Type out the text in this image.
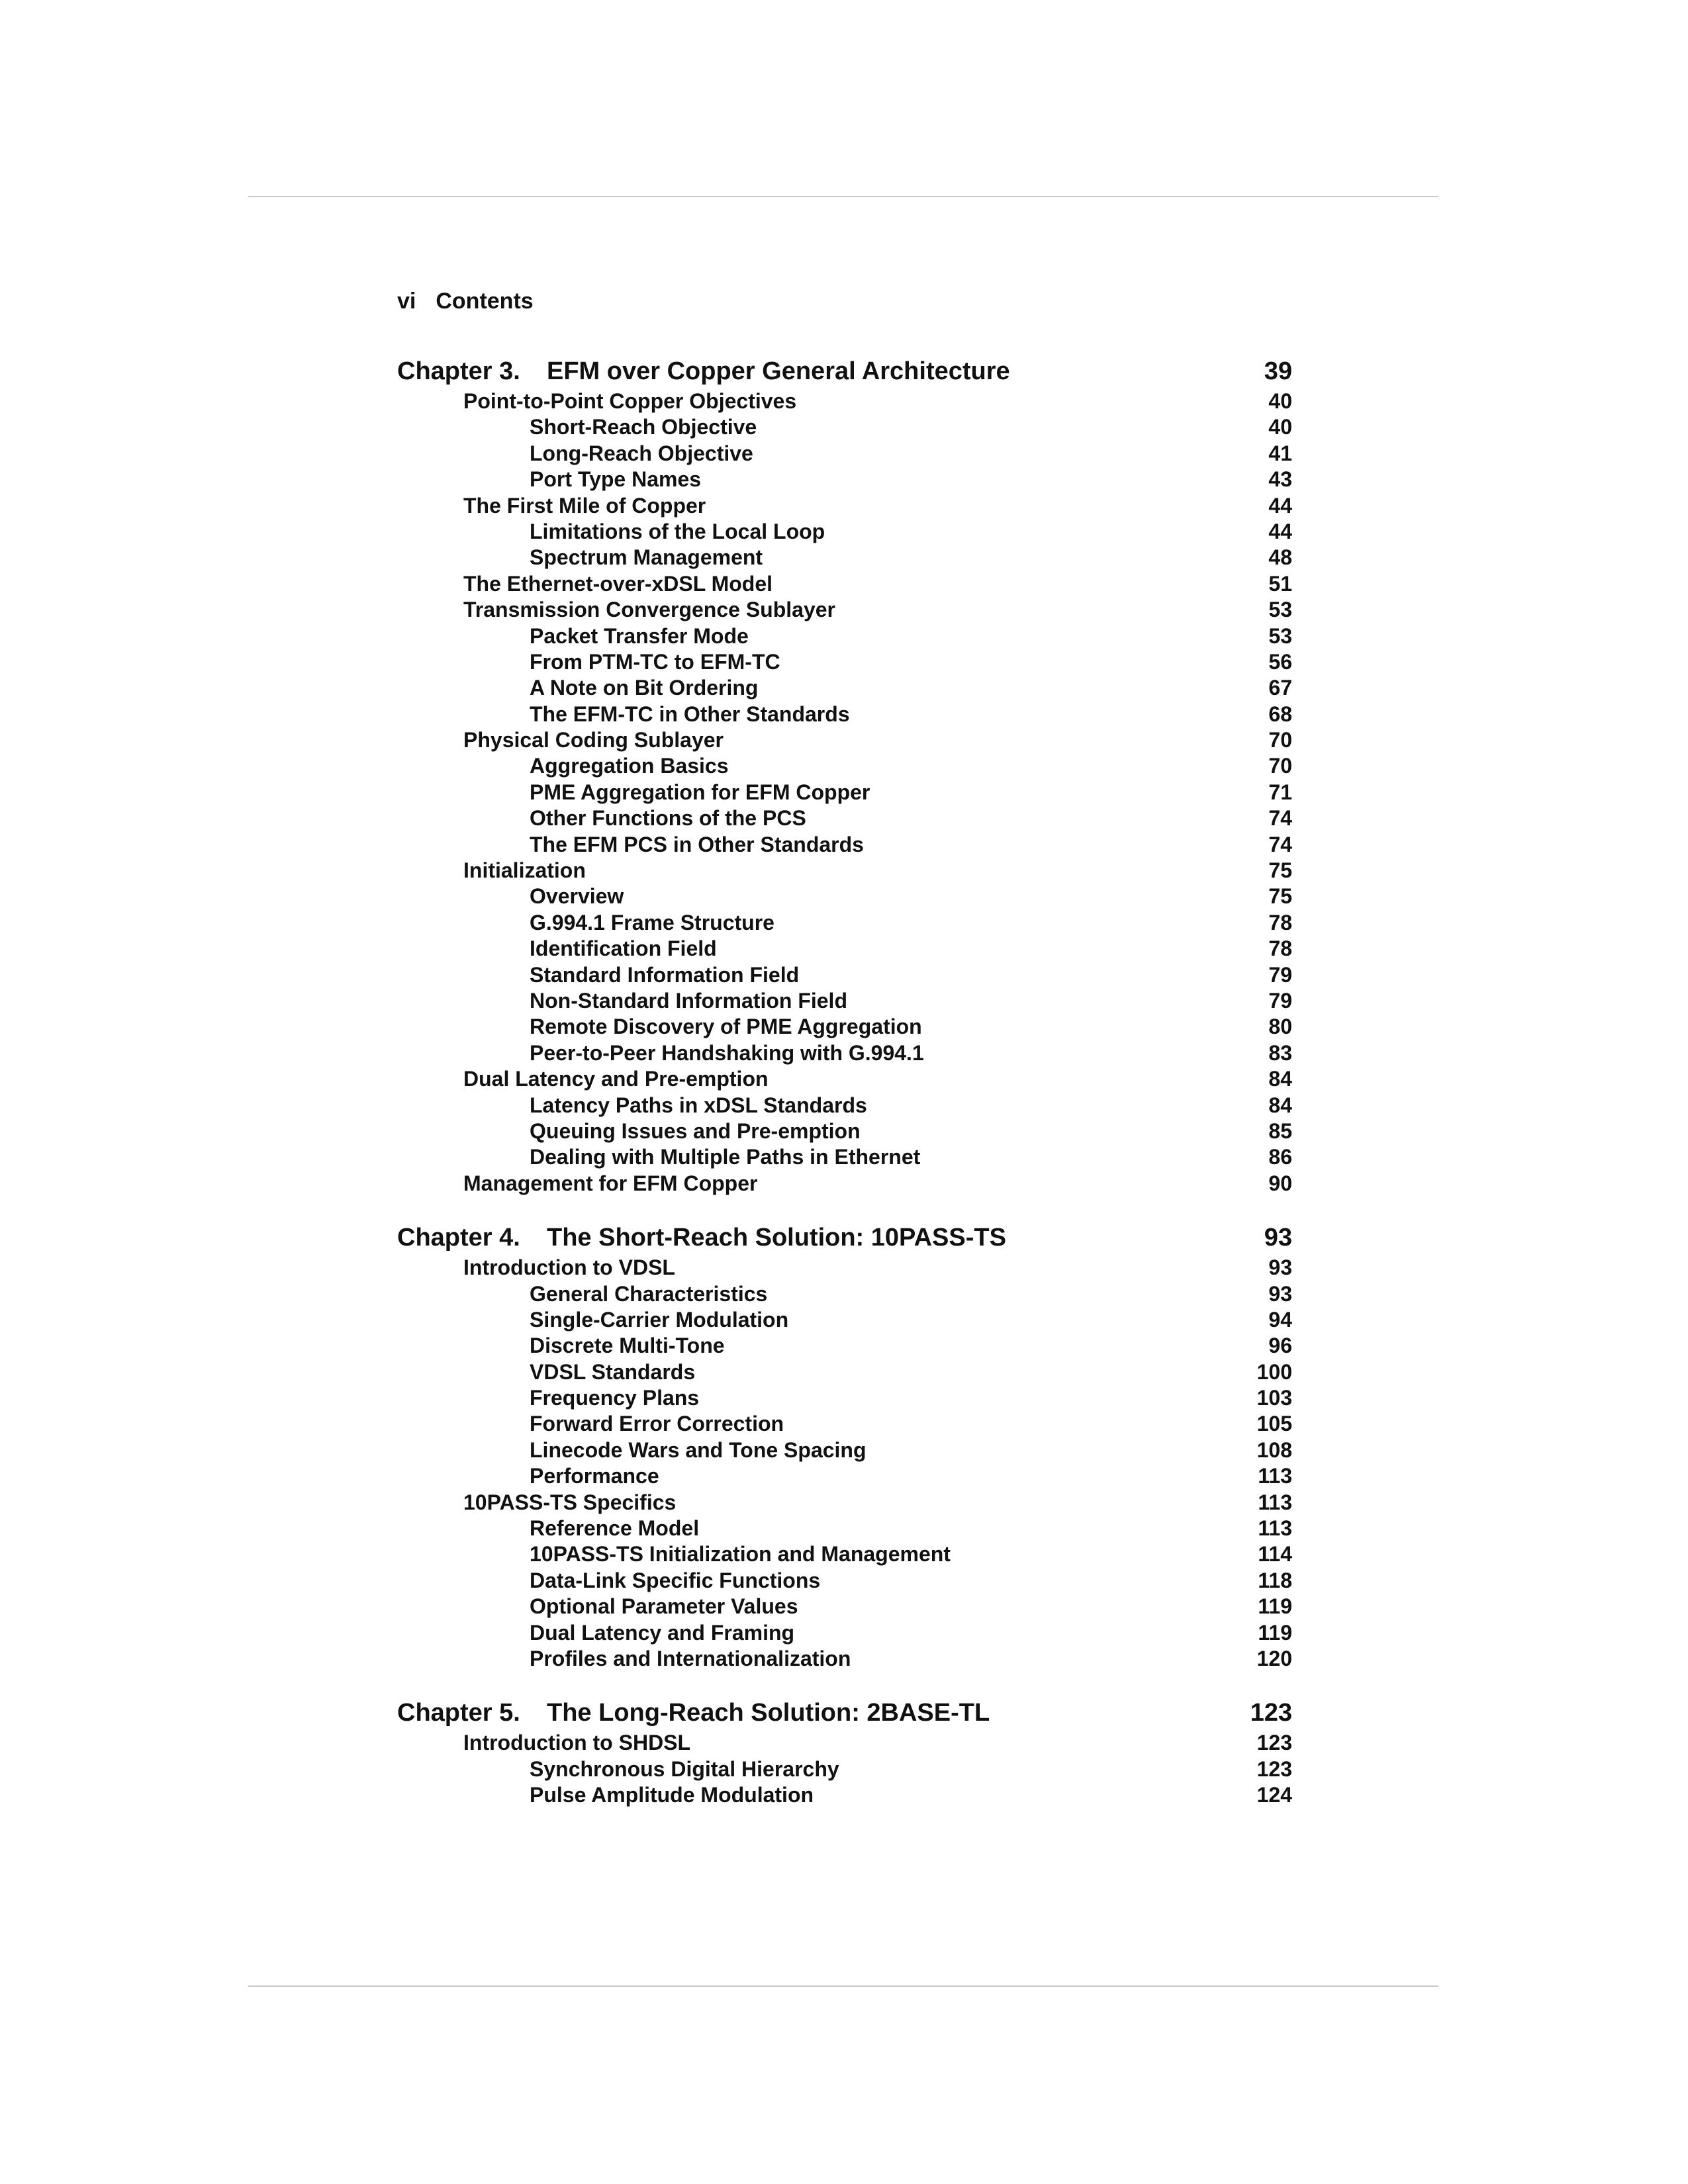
vi Contents
Chapter 3. EFM over Copper General Architecture	39
Point-to-Point Copper Objectives	40
Short-Reach Objective	40
Long-Reach Objective	41
Port Type Names	43
The First Mile of Copper	44
Limitations of the Local Loop	44
Spectrum Management	48
The Ethernet-over-xDSL Model	51
Transmission Convergence Sublayer	53
Packet Transfer Mode	53
From PTM-TC to EFM-TC	56
A Note on Bit Ordering	67
The EFM-TC in Other Standards	68
Physical Coding Sublayer	70
Aggregation Basics	70
PME Aggregation for EFM Copper	71
Other Functions of the PCS	74
The EFM PCS in Other Standards	74
Initialization	75
Overview	75
G.994.1 Frame Structure	78
Identification Field	78
Standard Information Field	79
Non-Standard Information Field	79
Remote Discovery of PME Aggregation	80
Peer-to-Peer Handshaking with G.994.1	83
Dual Latency and Pre-emption	84
Latency Paths in xDSL Standards	84
Queuing Issues and Pre-emption	85
Dealing with Multiple Paths in Ethernet	86
Management for EFM Copper	90
Chapter 4. The Short-Reach Solution: 10PASS-TS	93
Introduction to VDSL	93
General Characteristics	93
Single-Carrier Modulation	94
Discrete Multi-Tone	96
VDSL Standards	100
Frequency Plans	103
Forward Error Correction	105
Linecode Wars and Tone Spacing	108
Performance	113
10PASS-TS Specifics	113
Reference Model	113
10PASS-TS Initialization and Management	114
Data-Link Specific Functions	118
Optional Parameter Values	119
Dual Latency and Framing	119
Profiles and Internationalization	120
Chapter 5. The Long-Reach Solution: 2BASE-TL	123
Introduction to SHDSL	123
Synchronous Digital Hierarchy	123
Pulse Amplitude Modulation	124
